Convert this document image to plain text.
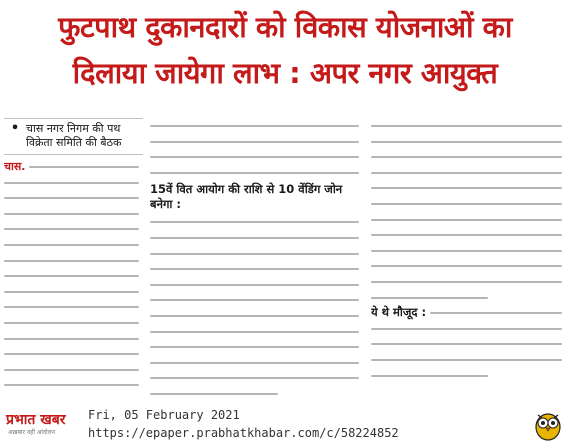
फुटपाथ दुकानदारों को विकास योजनाओं का
दिलाया जायेगा लाभ : अपर नगर आयुक्त
• चास नगर निगम की पथ विक्रेता समिति की बैठक
चास.
15वें वित आयोग की राशि से 10 वेंडिंग जोन बनेगा :
ये थे मौजूद :
प्रभात खबर
अख़बार नहीं आंदोलन
Fri, 05 February 2021
https://epaper.prabhatkhabar.com/c/58224852
